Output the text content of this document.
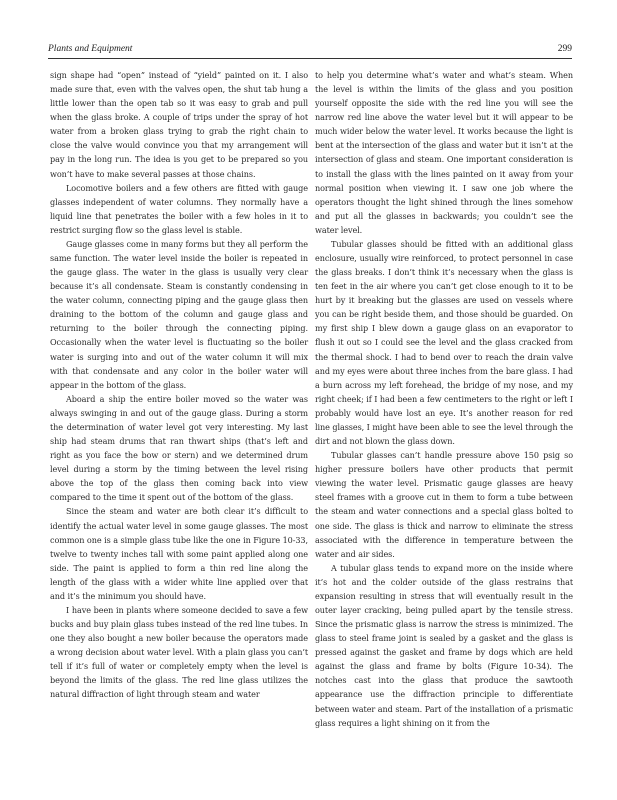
Plants and Equipment	299

sign shape had “open” instead of “yield” painted on it. I also made sure that, even with the valves open, the shut tab hung a little lower than the open tab so it was easy to grab and pull when the glass broke. A couple of trips under the spray of hot water from a broken glass trying to grab the right chain to close the valve would convince you that my arrangement will pay in the long run. The idea is you get to be prepared so you won’t have to make several passes at those chains.

Locomotive boilers and a few others are fitted with gauge glasses independent of water columns. They normally have a liquid line that penetrates the boiler with a few holes in it to restrict surging flow so the glass level is stable.

Gauge glasses come in many forms but they all perform the same function. The water level inside the boiler is repeated in the gauge glass. The water in the glass is usually very clear because it’s all condensate. Steam is constantly condensing in the water column, connecting piping and the gauge glass then draining to the bottom of the column and gauge glass and returning to the boiler through the connecting piping. Occasionally when the water level is fluctuating so the boiler water is surging into and out of the water column it will mix with that condensate and any color in the boiler water will appear in the bottom of the glass.

Aboard a ship the entire boiler moved so the water was always swinging in and out of the gauge glass. During a storm the determination of water level got very interesting. My last ship had steam drums that ran thwart ships (that’s left and right as you face the bow or stern) and we determined drum level during a storm by the timing between the level rising above the top of the glass then coming back into view compared to the time it spent out of the bottom of the glass.

Since the steam and water are both clear it’s difficult to identify the actual water level in some gauge glasses. The most common one is a simple glass tube like the one in Figure 10-33, twelve to twenty inches tall with some paint applied along one side. The paint is applied to form a thin red line along the length of the glass with a wider white line applied over that and it’s the minimum you should have.

I have been in plants where someone decided to save a few bucks and buy plain glass tubes instead of the red line tubes. In one they also bought a new boiler because the operators made a wrong decision about water level. With a plain glass you can’t tell if it’s full of water or completely empty when the level is beyond the limits of the glass. The red line glass utilizes the natural diffraction of light through steam and water

to help you determine what’s water and what’s steam. When the level is within the limits of the glass and you position yourself opposite the side with the red line you will see the narrow red line above the water level but it will appear to be much wider below the water level. It works because the light is bent at the intersection of the glass and water but it isn’t at the intersection of glass and steam. One important consideration is to install the glass with the lines painted on it away from your normal position when viewing it. I saw one job where the operators thought the light shined through the lines somehow and put all the glasses in backwards; you couldn’t see the water level.

Tubular glasses should be fitted with an additional glass enclosure, usually wire reinforced, to protect personnel in case the glass breaks. I don’t think it’s necessary when the glass is ten feet in the air where you can’t get close enough to it to be hurt by it breaking but the glasses are used on vessels where you can be right beside them, and those should be guarded. On my first ship I blew down a gauge glass on an evaporator to flush it out so I could see the level and the glass cracked from the thermal shock. I had to bend over to reach the drain valve and my eyes were about three inches from the bare glass. I had a burn across my left forehead, the bridge of my nose, and my right cheek; if I had been a few centimeters to the right or left I probably would have lost an eye. It’s another reason for red line glasses, I might have been able to see the level through the dirt and not blown the glass down.

Tubular glasses can’t handle pressure above 150 psig so higher pressure boilers have other products that permit viewing the water level. Prismatic gauge glasses are heavy steel frames with a groove cut in them to form a tube between the steam and water connections and a special glass bolted to one side. The glass is thick and narrow to eliminate the stress associated with the difference in temperature between the water and air sides.

A tubular glass tends to expand more on the inside where it’s hot and the colder outside of the glass restrains that expansion resulting in stress that will eventually result in the outer layer cracking, being pulled apart by the tensile stress. Since the prismatic glass is narrow the stress is minimized. The glass to steel frame joint is sealed by a gasket and the glass is pressed against the gasket and frame by dogs which are held against the glass and frame by bolts (Figure 10-34). The notches cast into the glass that produce the sawtooth appearance use the diffraction principle to differentiate between water and steam. Part of the installation of a prismatic glass requires a light shining on it from the
